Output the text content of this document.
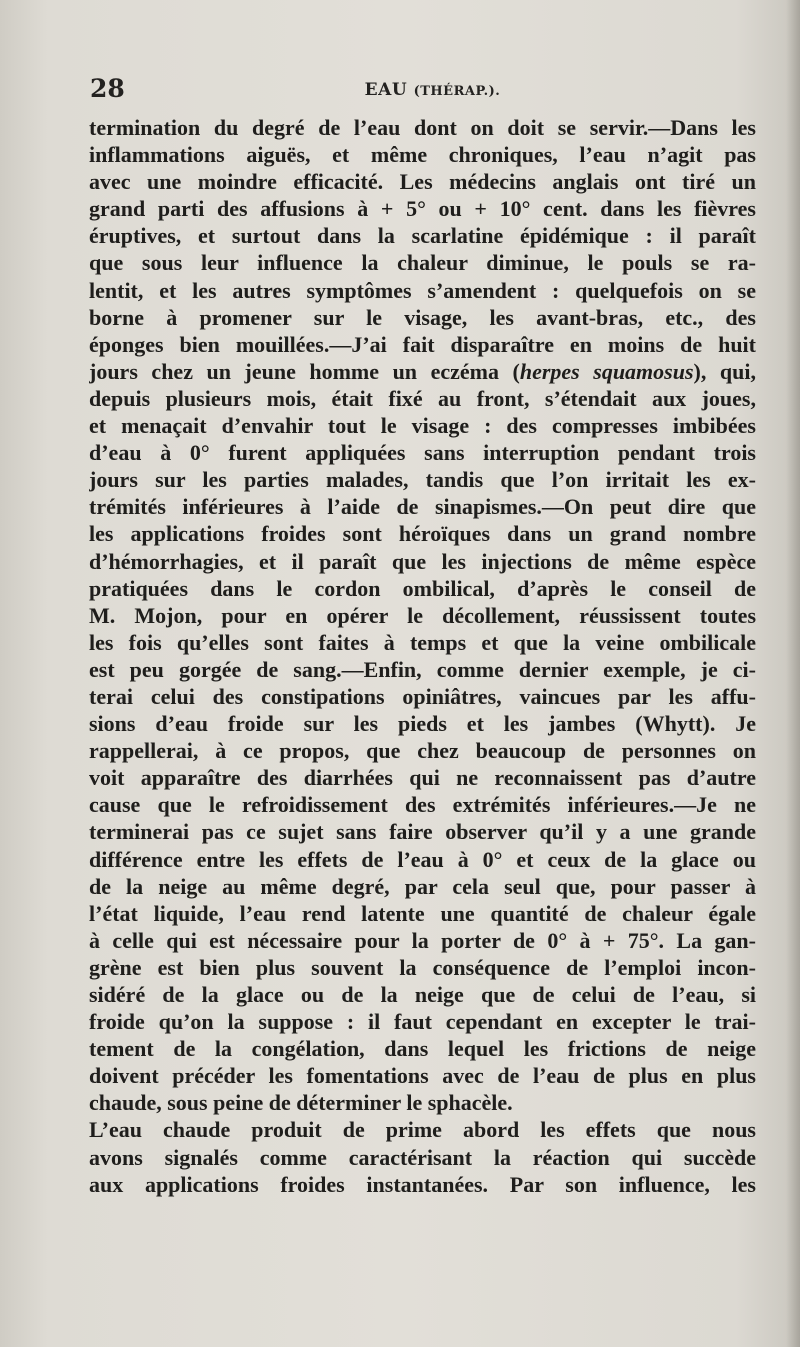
28	EAU (THÉRAP.).
termination du degré de l’eau dont on doit se servir.—Dans les
inflammations aiguës, et même chroniques, l’eau n’agit pas
avec une moindre efficacité. Les médecins anglais ont tiré un
grand parti des affusions à + 5° ou + 10° cent. dans les fièvres
éruptives, et surtout dans la scarlatine épidémique : il paraît
que sous leur influence la chaleur diminue, le pouls se ra-
lentit, et les autres symptômes s’amendent : quelquefois on se
borne à promener sur le visage, les avant-bras, etc., des
éponges bien mouillées.—J’ai fait disparaître en moins de huit
jours chez un jeune homme un eczéma (herpes squamosus), qui,
depuis plusieurs mois, était fixé au front, s’étendait aux joues,
et menaçait d’envahir tout le visage : des compresses imbibées
d’eau à 0° furent appliquées sans interruption pendant trois
jours sur les parties malades, tandis que l’on irritait les ex-
trémités inférieures à l’aide de sinapismes.—On peut dire que
les applications froides sont héroïques dans un grand nombre
d’hémorrhagies, et il paraît que les injections de même espèce
pratiquées dans le cordon ombilical, d’après le conseil de
M. Mojon, pour en opérer le décollement, réussissent toutes
les fois qu’elles sont faites à temps et que la veine ombilicale
est peu gorgée de sang.—Enfin, comme dernier exemple, je ci-
terai celui des constipations opiniâtres, vaincues par les affu-
sions d’eau froide sur les pieds et les jambes (Whytt). Je
rappellerai, à ce propos, que chez beaucoup de personnes on
voit apparaître des diarrhées qui ne reconnaissent pas d’autre
cause que le refroidissement des extrémités inférieures.—Je ne
terminerai pas ce sujet sans faire observer qu’il y a une grande
différence entre les effets de l’eau à 0° et ceux de la glace ou
de la neige au même degré, par cela seul que, pour passer à
l’état liquide, l’eau rend latente une quantité de chaleur égale
à celle qui est nécessaire pour la porter de 0° à + 75°. La gan-
grène est bien plus souvent la conséquence de l’emploi incon-
sidéré de la glace ou de la neige que de celui de l’eau, si
froide qu’on la suppose : il faut cependant en excepter le trai-
tement de la congélation, dans lequel les frictions de neige
doivent précéder les fomentations avec de l’eau de plus en plus
chaude, sous peine de déterminer le sphacèle.
L’eau chaude produit de prime abord les effets que nous
avons signalés comme caractérisant la réaction qui succède
aux applications froides instantanées. Par son influence, les
